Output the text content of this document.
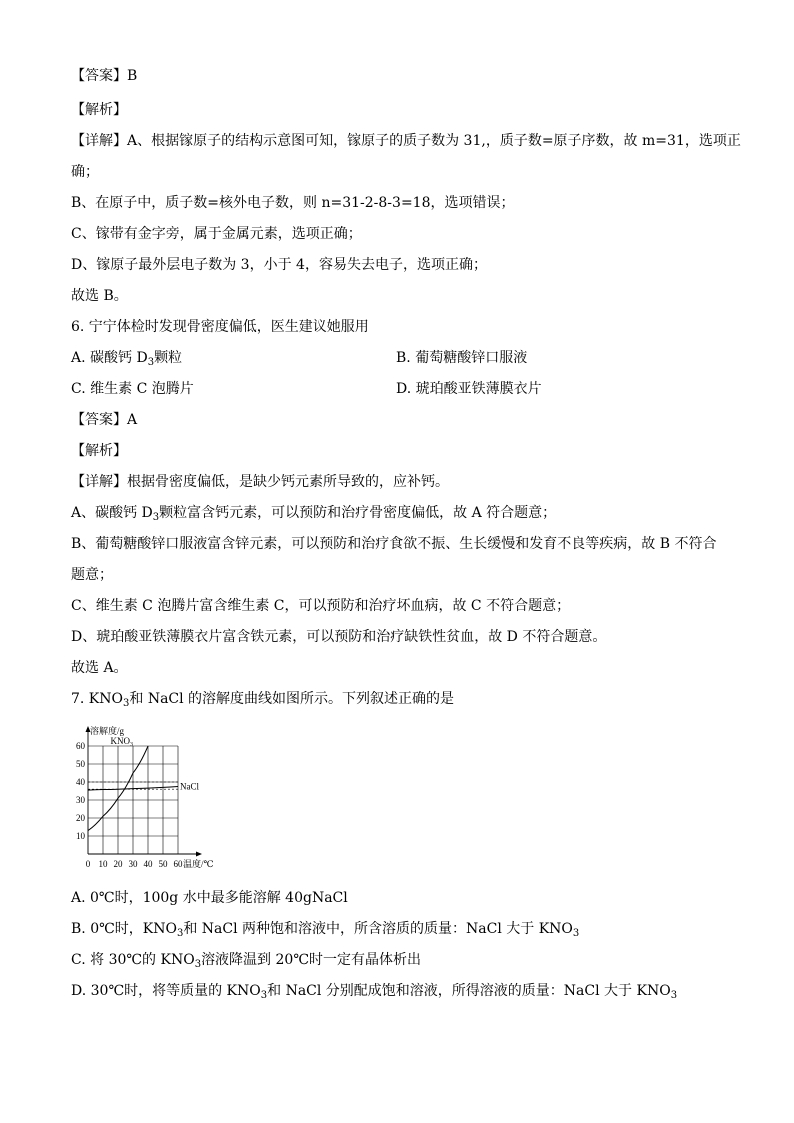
【答案】B
【解析】
【详解】A、根据镓原子的结构示意图可知，镓原子的质子数为 31,，质子数=原子序数，故 m=31，选项正
确；
B、在原子中，质子数=核外电子数，则 n=31-2-8-3=18，选项错误；
C、镓带有金字旁，属于金属元素，选项正确；
D、镓原子最外层电子数为 3，小于 4，容易失去电子，选项正确；
故选 B。
6. 宁宁体检时发现骨密度偏低，医生建议她服用
A. 碳酸钙 $D_3$颗粒	B. 葡萄糖酸锌口服液
C. 维生素 C 泡腾片	D. 琥珀酸亚铁薄膜衣片
【答案】A
【解析】
【详解】根据骨密度偏低，是缺少钙元素所导致的，应补钙。
A、碳酸钙 $D_3$颗粒富含钙元素，可以预防和治疗骨密度偏低，故 A 符合题意；
B、葡萄糖酸锌口服液富含锌元素，可以预防和治疗食欲不振、生长缓慢和发育不良等疾病，故 B 不符合
题意；
C、维生素 C 泡腾片富含维生素 C，可以预防和治疗坏血病，故 C 不符合题意；
D、琥珀酸亚铁薄膜衣片富含铁元素，可以预防和治疗缺铁性贫血，故 D 不符合题意。
故选 A。
7. $KNO_3$和 NaCl 的溶解度曲线如图所示。下列叙述正确的是
0 10 20 30 40 50 60
10
20
30
40
50
60
溶解度/g
温度/℃
$KNO_3$
NaCl
A. 0℃时，100g 水中最多能溶解 40gNaCl
B. 0℃时，$KNO_3$和 NaCl 两种饱和溶液中，所含溶质的质量：NaCl 大于 $KNO_3$
C. 将 30℃的 $KNO_3$溶液降温到 20℃时一定有晶体析出
D. 30℃时，将等质量的 $KNO_3$和 NaCl 分别配成饱和溶液，所得溶液的质量：NaCl 大于 $KNO_3$
